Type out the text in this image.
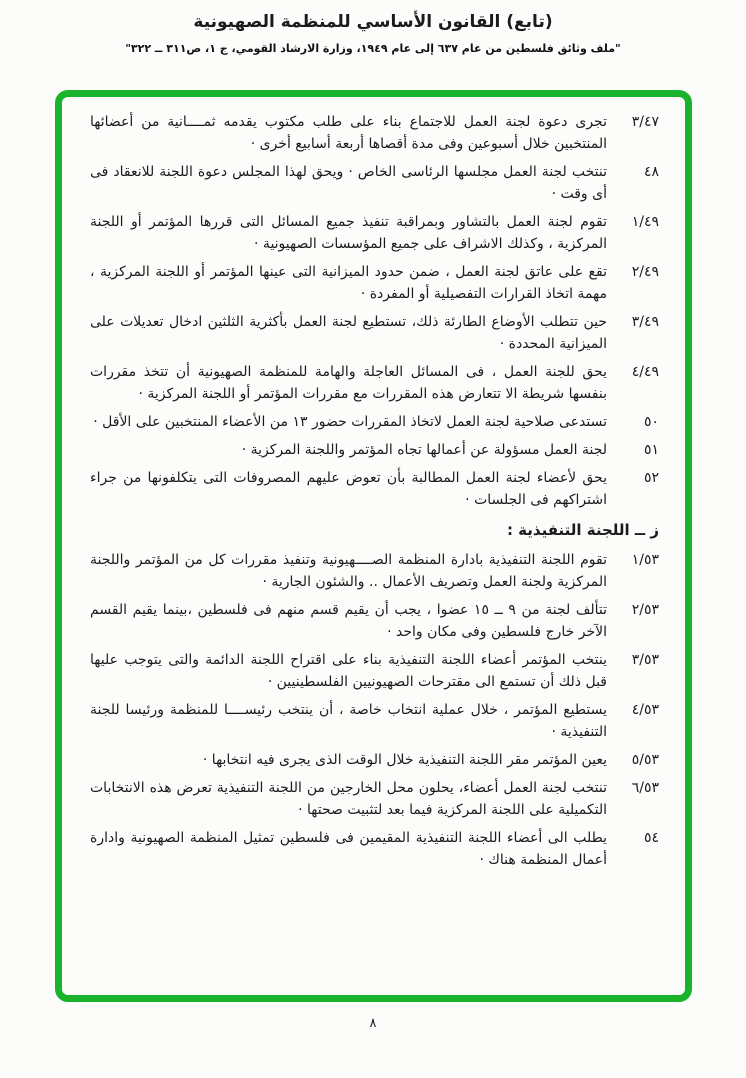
(تابع) القانون الأساسي للمنظمة الصهيونية
"ملف وثائق فلسطين من عام ٦٣٧ إلى عام ١٩٤٩، وزارة الارشاد القومي، ج ١، ص٣١١ ــ ٣٢٢"
٣/٤٧

تجرى دعوة لجنة العمل للاجتماع بناء على طلب مكتوب يقدمه ثمــــانية من أعضائها المنتخبين خلال أسبوعين وفى مدة أقصاها أربعة أسابيع أخرى ·

٤٨

تنتخب لجنة العمل مجلسها الرئاسى الخاص · ويحق لهذا المجلس دعوة اللجنة للانعقاد فى أى وقت ·

١/٤٩

تقوم لجنة العمل بالتشاور وبمراقبة تنفيذ جميع المسائل التى قررها المؤتمر أو اللجنة المركزية ، وكذلك الاشراف على جميع المؤسسات الصهيونية ·

٢/٤٩

تقع على عاتق لجنة العمل ، ضمن حدود الميزانية التى عينها المؤتمر أو اللجنة المركزية ، مهمة اتخاذ القرارات التفصيلية أو المفردة ·

٣/٤٩

حين تتطلب الأوضاع الطارئة ذلك، تستطيع لجنة العمل بأكثرية الثلثين ادخال تعديلات على الميزانية المحددة ·

٤/٤٩

يحق للجنة العمل ، فى المسائل العاجلة والهامة للمنظمة الصهيونية أن تتخذ مقررات بنفسها شريطة الا تتعارض هذه المقررات مع مقررات المؤتمر أو اللجنة المركزية ·

٥٠

تستدعى صلاحية لجنة العمل لاتخاذ المقررات حضور ١٣ من الأعضاء المنتخبين على الأقل ·

٥١

لجنة العمل مسؤولة عن أعمالها تجاه المؤتمر واللجنة المركزية ·

٥٢

يحق لأعضاء لجنة العمل المطالبة بأن تعوض عليهم المصروفات التى يتكلفونها من جراء اشتراكهم فى الجلسات ·

ز ــ اللجنة التنفيذية :
١/٥٣

تقوم اللجنة التنفيذية بادارة المنظمة الصــــهيونية وتنفيذ مقررات كل من المؤتمر واللجنة المركزية ولجنة العمل وتصريف الأعمال .. والشئون الجارية ·

٢/٥٣

تتألف لجنة من ٩ ــ ١٥ عضوا ، يجب أن يقيم قسم منهم فى فلسطين ،بينما يقيم القسم الآخر خارج فلسطين وفى مكان واحد ·

٣/٥٣

ينتخب المؤتمر أعضاء اللجنة التنفيذية بناء على اقتراح اللجنة الدائمة والتى يتوجب عليها قبل ذلك أن تستمع الى مقترحات الصهيونيين الفلسطينيين ·

٤/٥٣

يستطيع المؤتمر ، خلال عملية انتخاب خاصة ، أن ينتخب رئيســــا للمنظمة ورئيسا للجنة التنفيذية ·

٥/٥٣

يعين المؤتمر مقر اللجنة التنفيذية خلال الوقت الذى يجرى فيه انتخابها ·

٦/٥٣

تنتخب لجنة العمل أعضاء، يحلون محل الخارجين من اللجنة التنفيذية تعرض هذه الانتخابات التكميلية على اللجنة المركزية فيما بعد لتثبيت صحتها ·

٥٤

يطلب الى أعضاء اللجنة التنفيذية المقيمين فى فلسطين تمثيل المنظمة الصهيونية وادارة أعمال المنظمة هناك ·

٨
